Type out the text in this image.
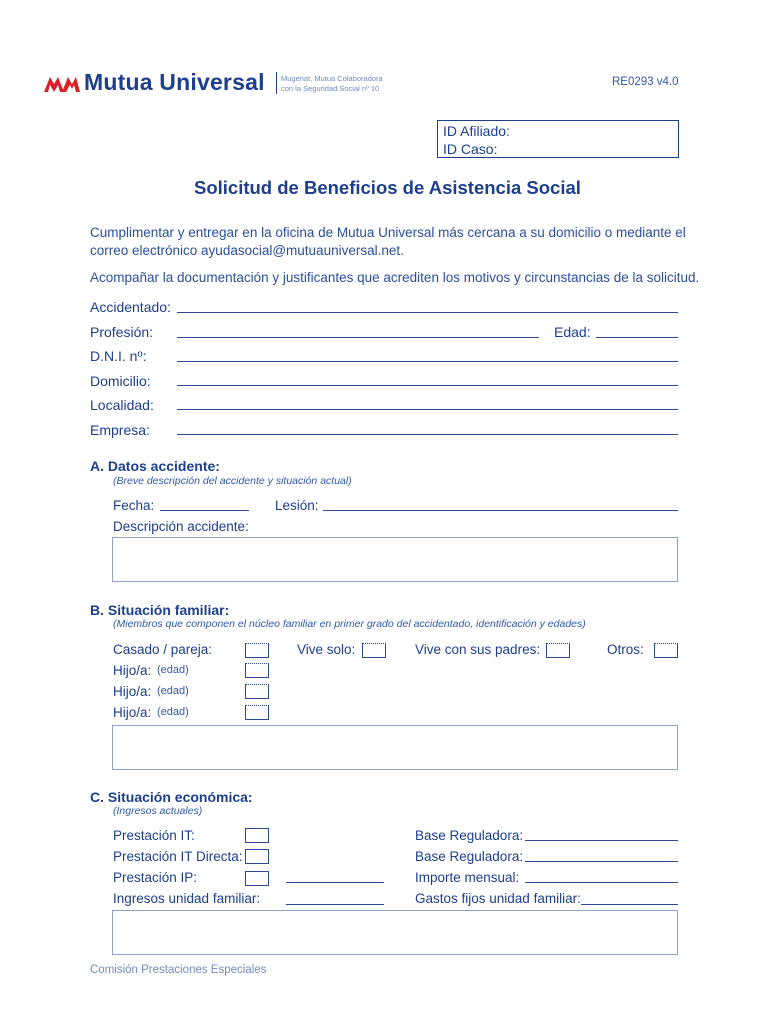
Mutua Universal Mugenat, Mutua Colaboradora
con la Seguridad Social nº 10
RE0293 v4.0
ID Afiliado:
ID Caso:
Solicitud de Beneficios de Asistencia Social
Cumplimentar y entregar en la oficina de Mutua Universal más cercana a su domicilio o mediante el
correo electrónico ayudasocial@mutuauniversal.net.
Acompañar la documentación y justificantes que acrediten los motivos y circunstancias de la solicitud.
Accidentado:
Profesión:	Edad:
D.N.I. nº:
Domicilio:
Localidad:
Empresa:
A. Datos accidente:
(Breve descripción del accidente y situación actual)
Fecha:	Lesión:
Descripción accidente:
B. Situación familiar:
(Miembros que componen el núcleo familiar en primer grado del accidentado, identificación y edades)
Casado / pareja:	Vive solo:	Vive con sus padres:	Otros:
Hijo/a: (edad)
Hijo/a: (edad)
Hijo/a: (edad)
C. Situación económica:
(Ingresos actuales)
Prestación IT:	Base Reguladora:
Prestación IT Directa:	Base Reguladora:
Prestación IP:	Importe mensual:
Ingresos unidad familiar:	Gastos fijos unidad familiar:
Comisión Prestaciones Especiales
